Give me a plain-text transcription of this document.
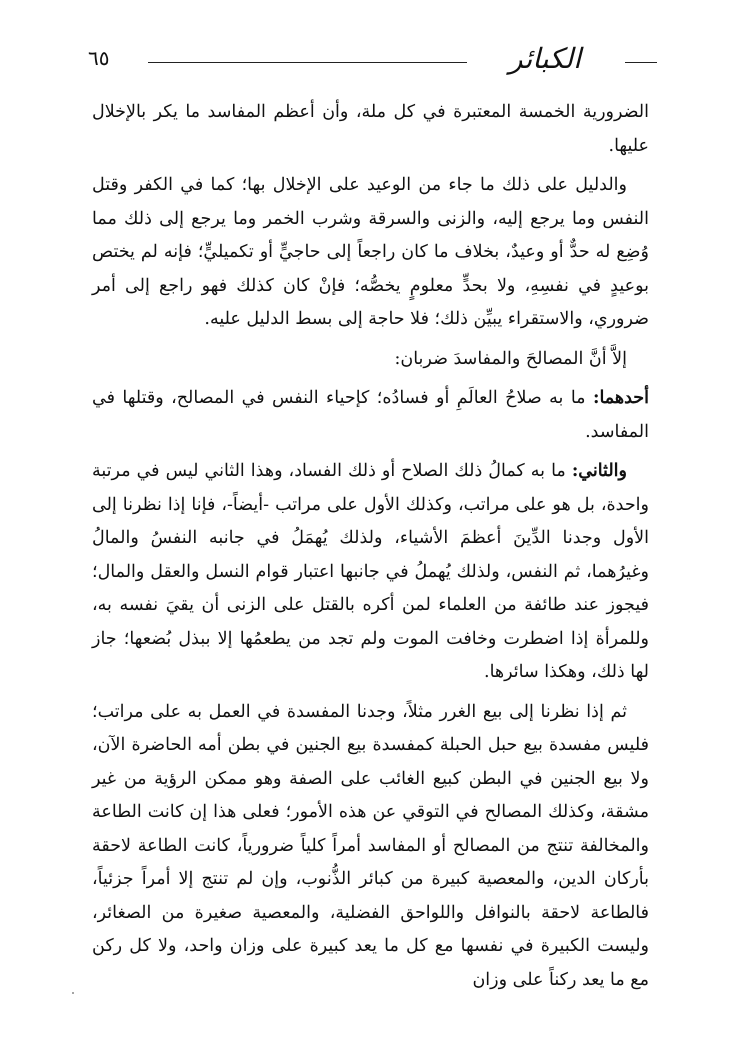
٦٥	الكبائر

الضرورية الخمسة المعتبرة في كل ملة، وأن أعظم المفاسد ما يكر بالإخلال عليها.

والدليل على ذلك ما جاء من الوعيد على الإخلال بها؛ كما في الكفر وقتل النفس وما يرجع إليه، والزنى والسرقة وشرب الخمر وما يرجع إلى ذلك مما وُضِع له حدٌّ أو وعيدٌ، بخلاف ما كان راجعاً إلى حاجيٍّ أو تكميليٍّ؛ فإنه لم يختص بوعيدٍ في نفسِهِ، ولا بحدٍّ معلومٍ يخصُّه؛ فإنْ كان كذلك فهو راجع إلى أمر ضروري، والاستقراء يبيِّن ذلك؛ فلا حاجة إلى بسط الدليل عليه.

إلاَّ أنَّ المصالحَ والمفاسدَ ضربان:

أحدهما: ما به صلاحُ العالَمِ أو فسادُه؛ كإحياء النفس في المصالح، وقتلها في المفاسد.

والثاني: ما به كمالُ ذلك الصلاح أو ذلك الفساد، وهذا الثاني ليس في مرتبة واحدة، بل هو على مراتب، وكذلك الأول على مراتب -أيضاً-، فإنا إذا نظرنا إلى الأول وجدنا الدِّينَ أعظمَ الأشياء، ولذلك يُهمَلُ في جانبه النفسُ والمالُ وغيرُهما، ثم النفس، ولذلك يُهملُ في جانبها اعتبار قوام النسل والعقل والمال؛ فيجوز عند طائفة من العلماء لمن أكره بالقتل على الزنى أن يقيَ نفسه به، وللمرأة إذا اضطرت وخافت الموت ولم تجد من يطعمُها إلا ببذل بُضعها؛ جاز لها ذلك، وهكذا سائرها.

ثم إذا نظرنا إلى بيع الغرر مثلاً، وجدنا المفسدة في العمل به على مراتب؛ فليس مفسدة بيع حبل الحبلة كمفسدة بيع الجنين في بطن أمه الحاضرة الآن، ولا بيع الجنين في البطن كبيع الغائب على الصفة وهو ممكن الرؤية من غير مشقة، وكذلك المصالح في التوقي عن هذه الأمور؛ فعلى هذا إن كانت الطاعة والمخالفة تنتج من المصالح أو المفاسد أمراً كلياً ضرورياً، كانت الطاعة لاحقة بأركان الدين، والمعصية كبيرة من كبائر الذُّنوب، وإن لم تنتج إلا أمراً جزئياً، فالطاعة لاحقة بالنوافل واللواحق الفضلية، والمعصية صغيرة من الصغائر، وليست الكبيرة في نفسها مع كل ما يعد كبيرة على وزان واحد، ولا كل ركن مع ما يعد ركناً على وزان
